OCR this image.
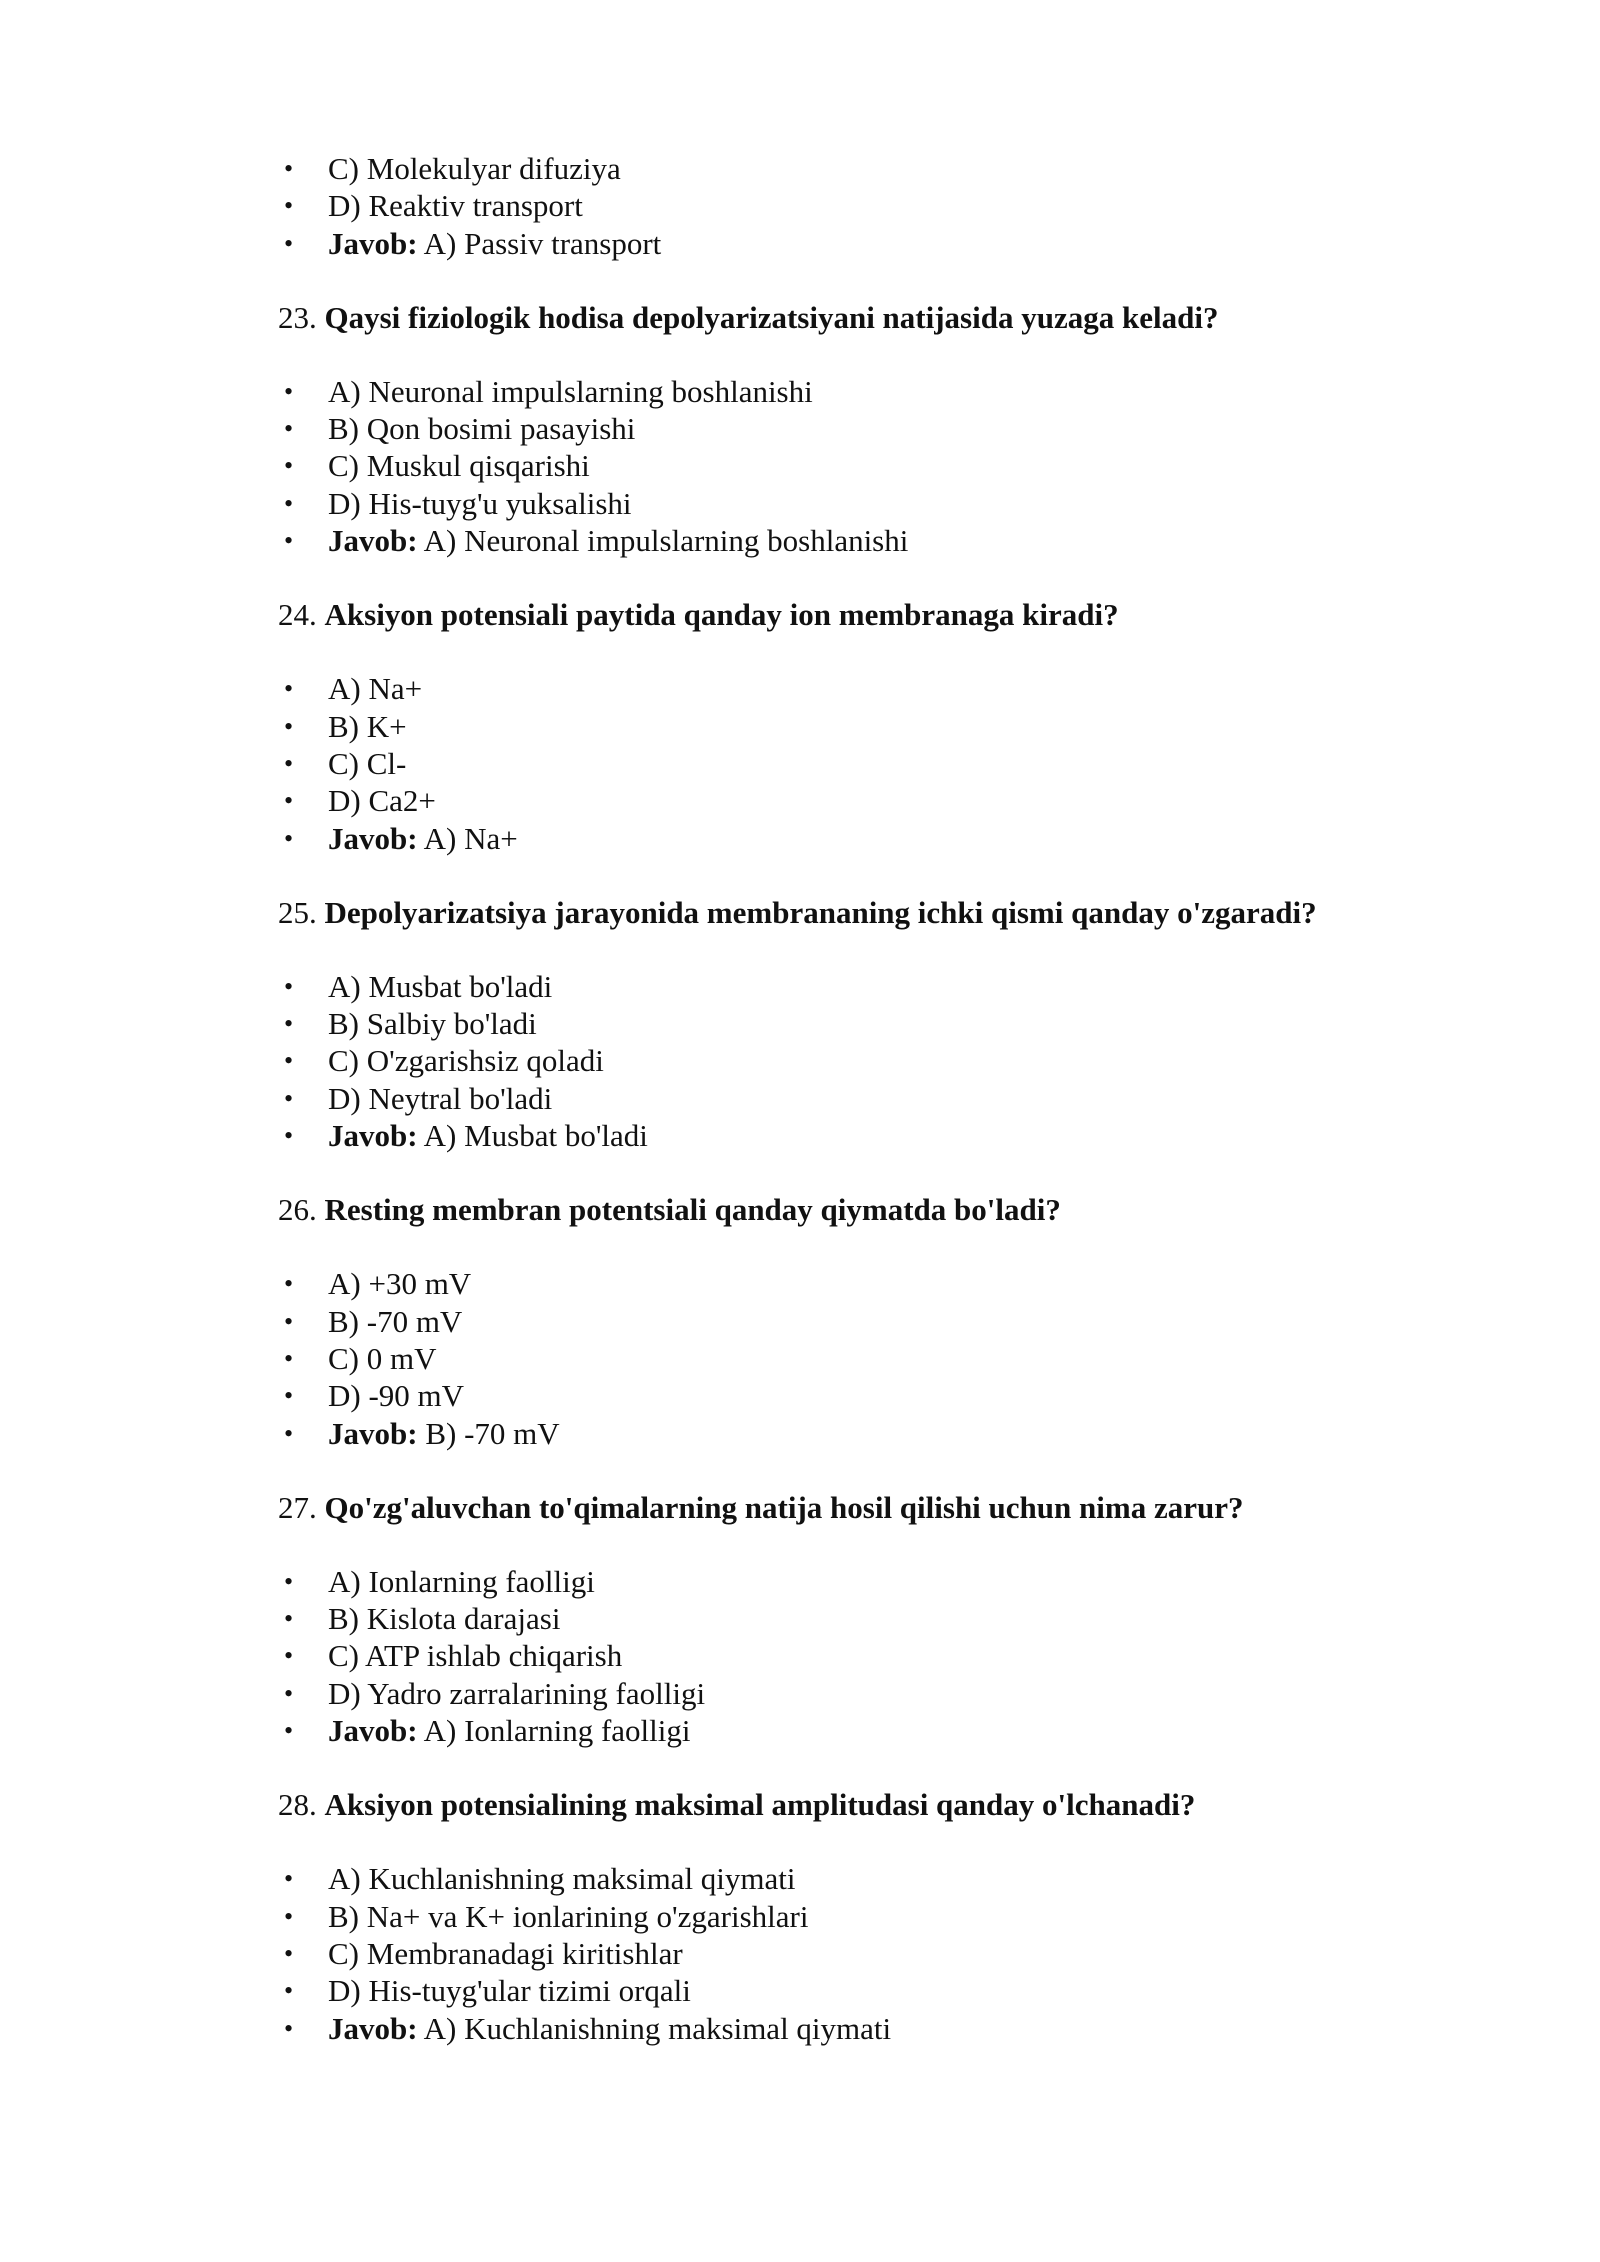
• C) Molekulyar difuziya
• D) Reaktiv transport
• Javob: A) Passiv transport
23. Qaysi fiziologik hodisa depolyarizatsiyani natijasida yuzaga keladi?
• A) Neuronal impulslarning boshlanishi
• B) Qon bosimi pasayishi
• C) Muskul qisqarishi
• D) His-tuyg'u yuksalishi
• Javob: A) Neuronal impulslarning boshlanishi
24. Aksiyon potensiali paytida qanday ion membranaga kiradi?
• A) Na+
• B) K+
• C) Cl-
• D) Ca2+
• Javob: A) Na+
25. Depolyarizatsiya jarayonida membrananing ichki qismi qanday o'zgaradi?
• A) Musbat bo'ladi
• B) Salbiy bo'ladi
• C) O'zgarishsiz qoladi
• D) Neytral bo'ladi
• Javob: A) Musbat bo'ladi
26. Resting membran potentsiali qanday qiymatda bo'ladi?
• A) +30 mV
• B) -70 mV
• C) 0 mV
• D) -90 mV
• Javob: B) -70 mV
27. Qo'zg'aluvchan to'qimalarning natija hosil qilishi uchun nima zarur?
• A) Ionlarning faolligi
• B) Kislota darajasi
• C) ATP ishlab chiqarish
• D) Yadro zarralarining faolligi
• Javob: A) Ionlarning faolligi
28. Aksiyon potensialining maksimal amplitudasi qanday o'lchanadi?
• A) Kuchlanishning maksimal qiymati
• B) Na+ va K+ ionlarining o'zgarishlari
• C) Membranadagi kiritishlar
• D) His-tuyg'ular tizimi orqali
• Javob: A) Kuchlanishning maksimal qiymati
